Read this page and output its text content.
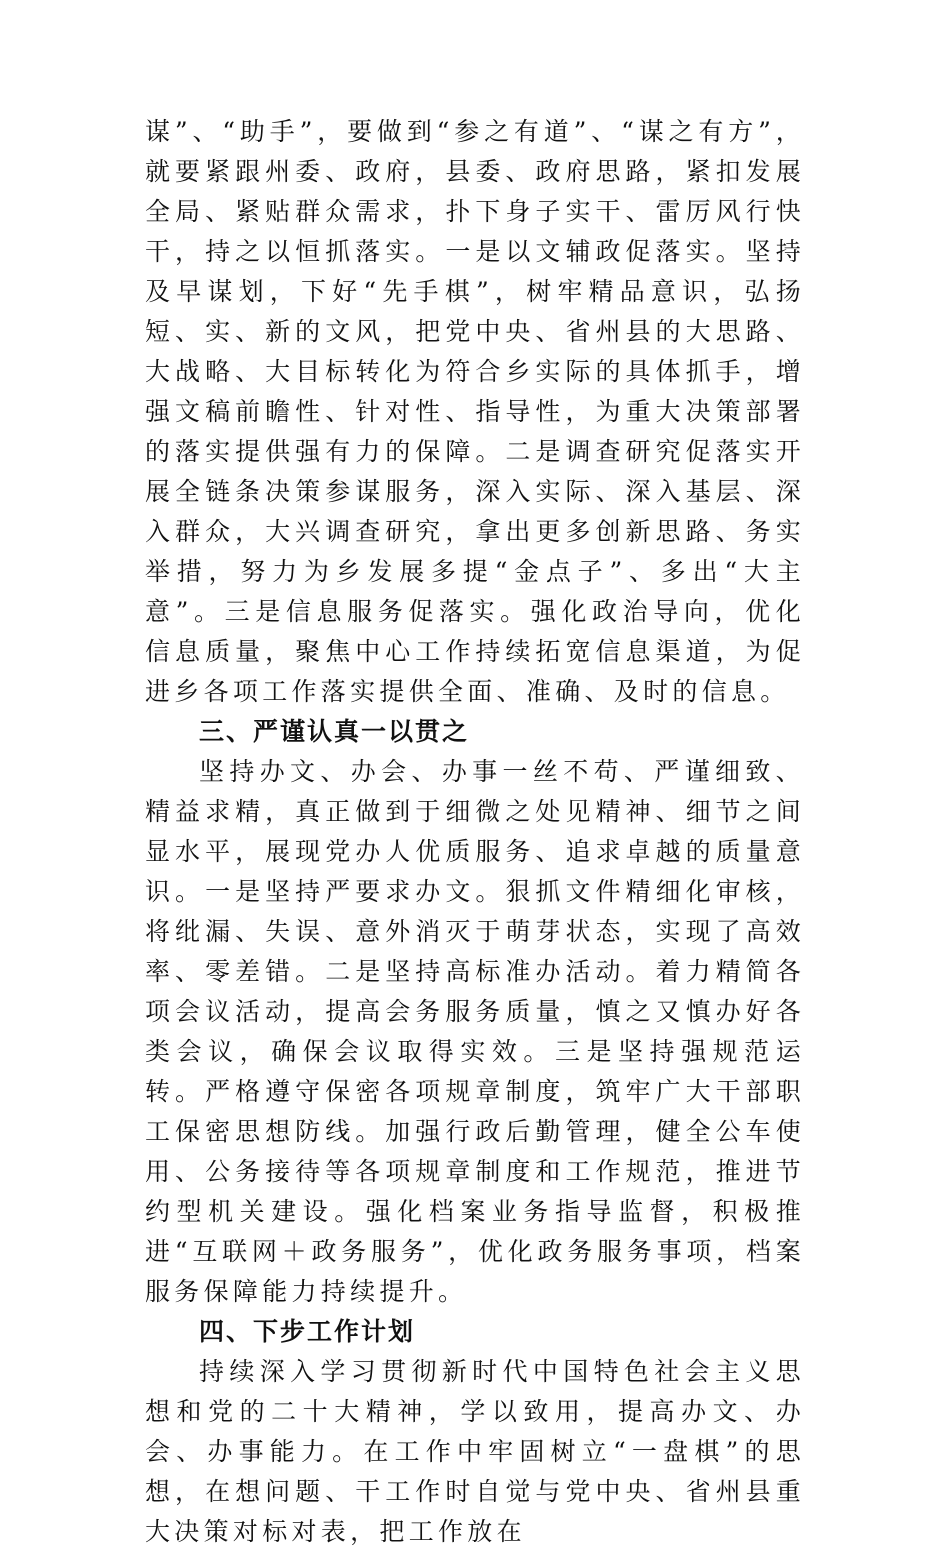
谋”、“助手”，要做到“参之有道”、“谋之有方”，就要紧跟州委、政府，县委、政府思路，紧扣发展全局、紧贴群众需求，扑下身子实干、雷厉风行快干，持之以恒抓落实。一是以文辅政促落实。坚持及早谋划，下好“先手棋”，树牢精品意识，弘扬短、实、新的文风，把党中央、省州县的大思路、大战略、大目标转化为符合乡实际的具体抓手，增强文稿前瞻性、针对性、指导性，为重大决策部署的落实提供强有力的保障。二是调查研究促落实开展全链条决策参谋服务，深入实际、深入基层、深入群众，大兴调查研究，拿出更多创新思路、务实举措，努力为乡发展多提“金点子”、多出“大主意”。三是信息服务促落实。强化政治导向，优化信息质量，聚焦中心工作持续拓宽信息渠道，为促进乡各项工作落实提供全面、准确、及时的信息。

三、严谨认真一以贯之

坚持办文、办会、办事一丝不苟、严谨细致、精益求精，真正做到于细微之处见精神、细节之间显水平，展现党办人优质服务、追求卓越的质量意识。一是坚持严要求办文。狠抓文件精细化审核，将纰漏、失误、意外消灭于萌芽状态，实现了高效率、零差错。二是坚持高标准办活动。着力精简各项会议活动，提高会务服务质量，慎之又慎办好各类会议，确保会议取得实效。三是坚持强规范运转。严格遵守保密各项规章制度，筑牢广大干部职工保密思想防线。加强行政后勤管理，健全公车使用、公务接待等各项规章制度和工作规范，推进节约型机关建设。强化档案业务指导监督，积极推进“互联网＋政务服务”，优化政务服务事项，档案服务保障能力持续提升。

四、下步工作计划

持续深入学习贯彻新时代中国特色社会主义思想和党的二十大精神，学以致用，提高办文、办会、办事能力。在工作中牢固树立“一盘棋”的思想，在想问题、干工作时自觉与党中央、省州县重大决策对标对表，把工作放在
